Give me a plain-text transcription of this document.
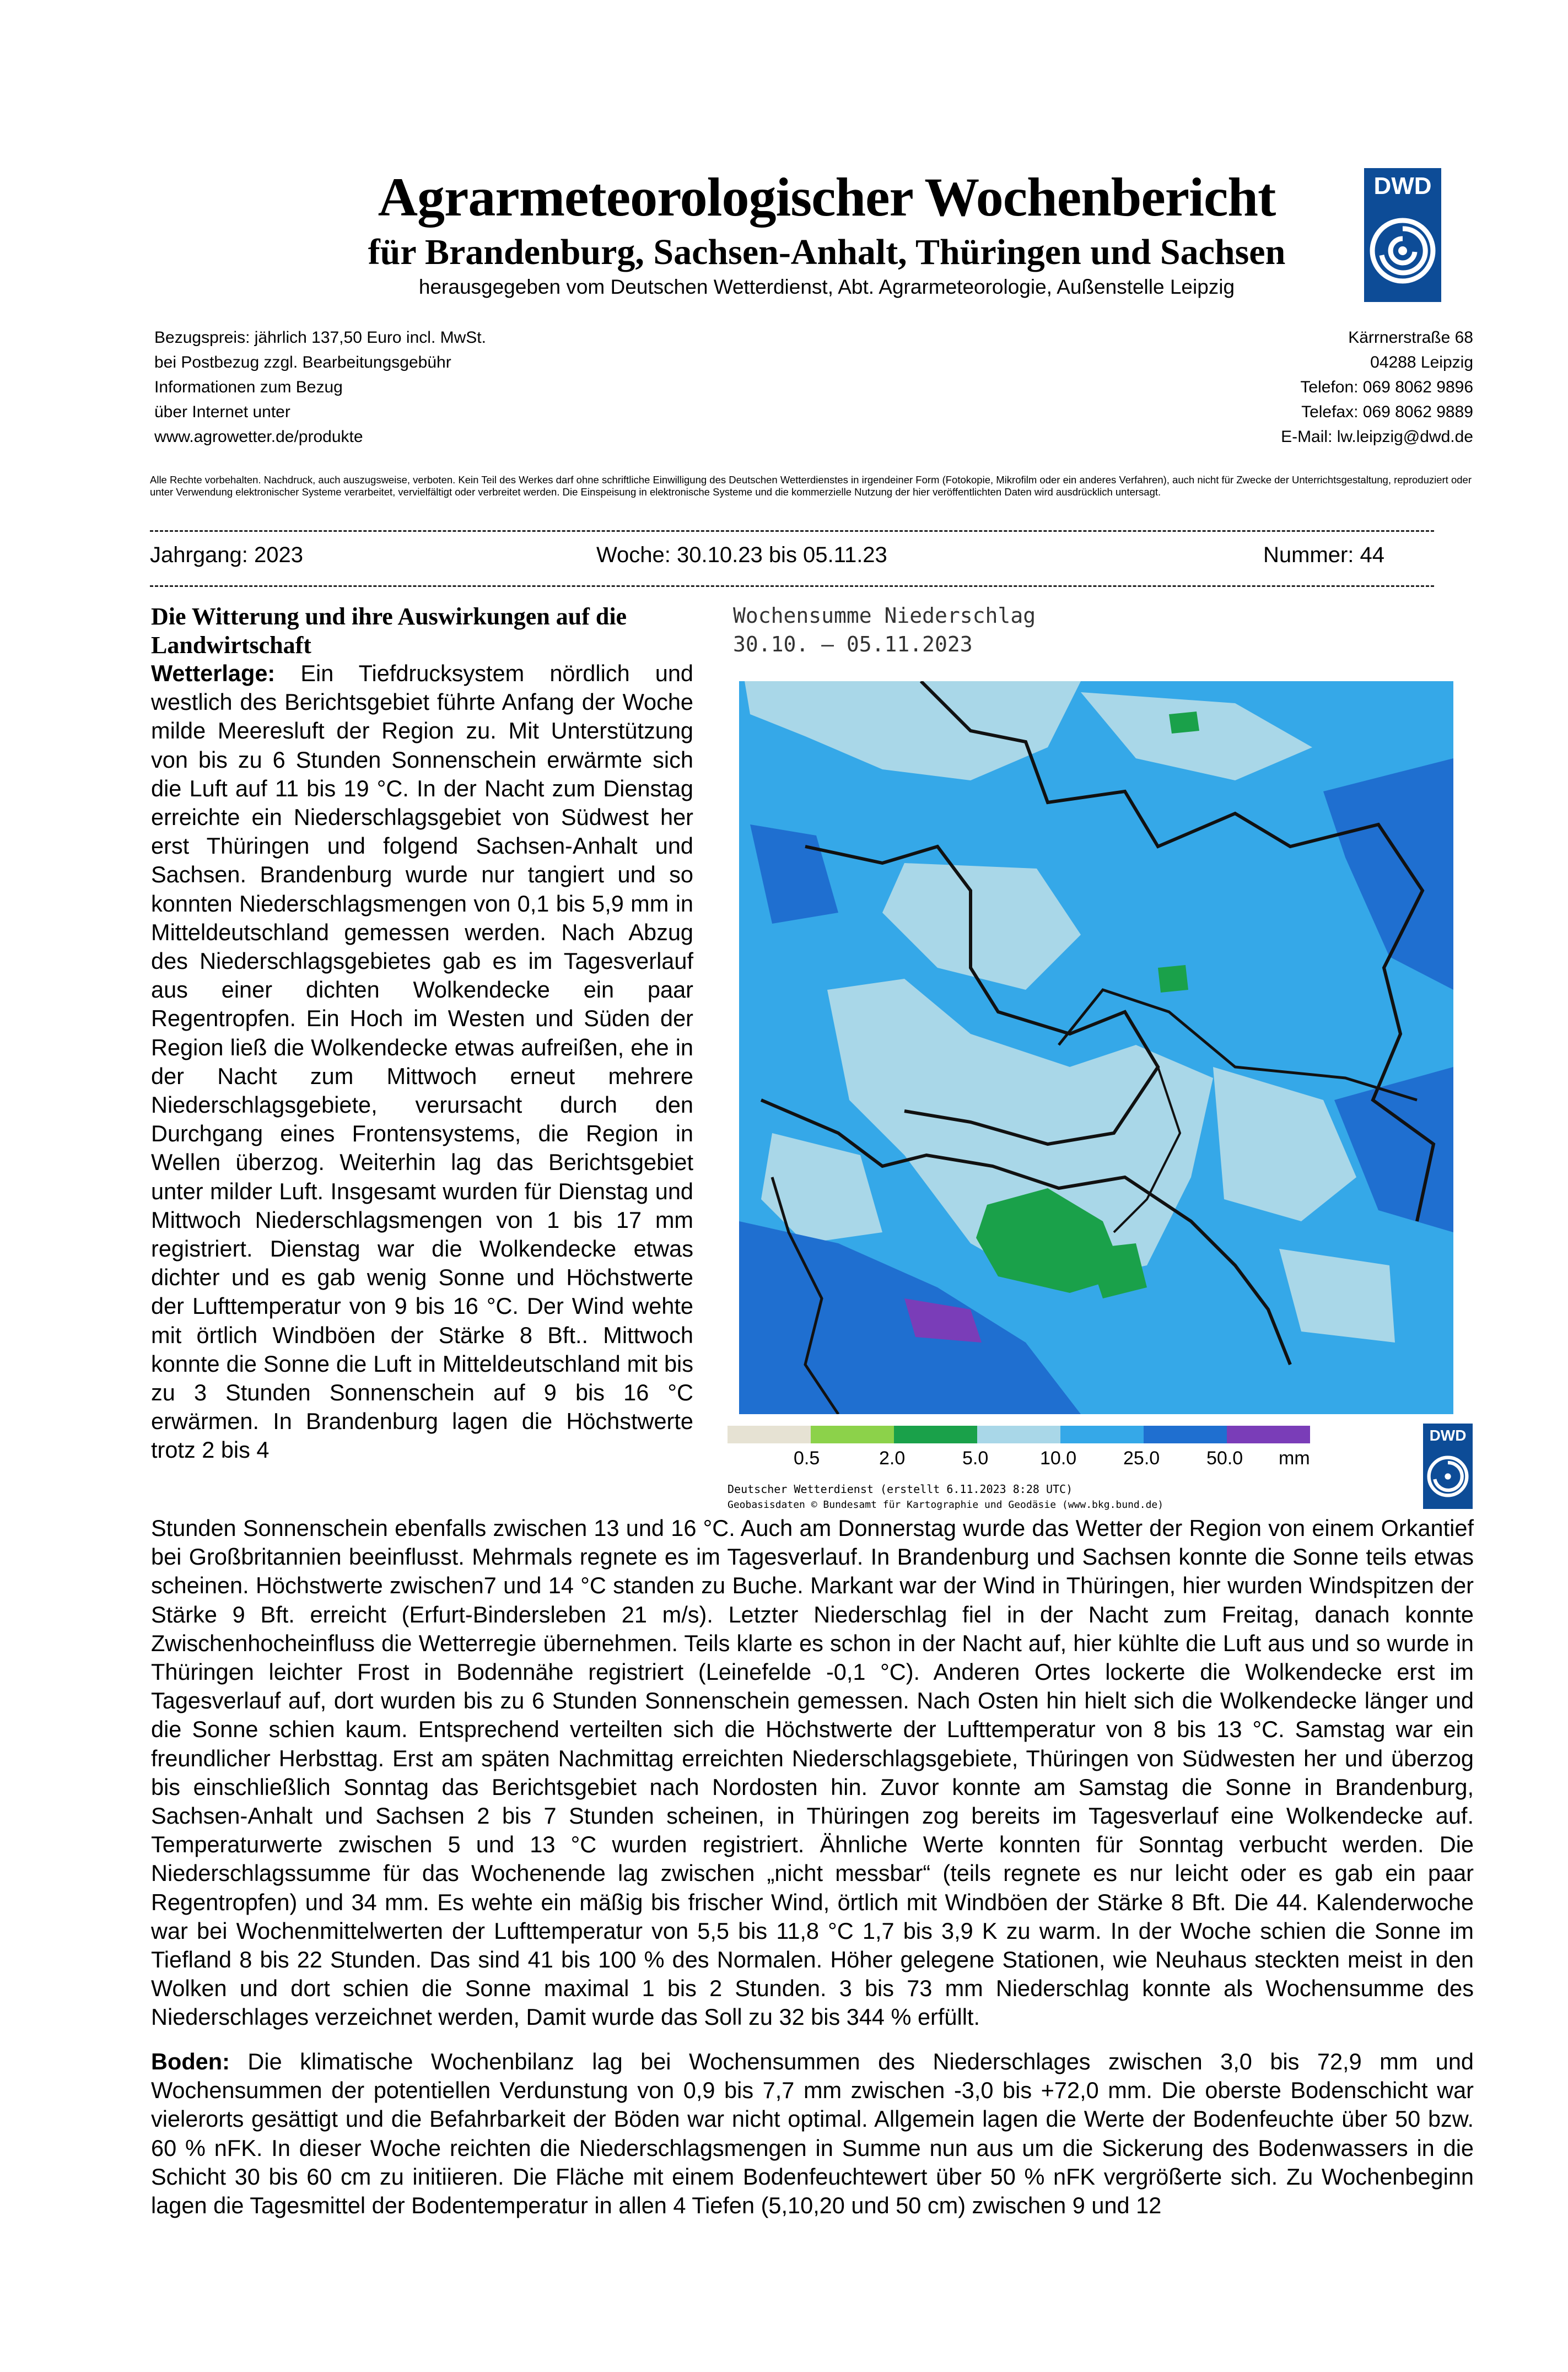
Agrarmeteorologischer Wochenbericht
für Brandenburg, Sachsen-Anhalt, Thüringen und Sachsen
herausgegeben vom Deutschen Wetterdienst, Abt. Agrarmeteorologie, Außenstelle Leipzig
DWD
Bezugspreis: jährlich 137,50 Euro incl. MwSt.
bei Postbezug zzgl. Bearbeitungsgebühr
Informationen zum Bezug
über Internet unter
www.agrowetter.de/produkte
Kärrnerstraße 68
04288 Leipzig
Telefon: 069 8062 9896
Telefax: 069 8062 9889
E-Mail: lw.leipzig@dwd.de
Alle Rechte vorbehalten. Nachdruck, auch auszugsweise, verboten. Kein Teil des Werkes darf ohne schriftliche Einwilligung des Deutschen Wetterdienstes in irgendeiner Form (Fotokopie, Mikrofilm oder ein anderes Verfahren), auch nicht für Zwecke der Unterrichtsgestaltung, reproduziert oder unter Verwendung elektronischer Systeme verarbeitet, vervielfältigt oder verbreitet werden. Die Einspeisung in elektronische Systeme und die kommerzielle Nutzung der hier veröffentlichten Daten wird ausdrücklich untersagt.
Jahrgang: 2023	Woche: 30.10.23 bis 05.11.23	Nummer: 44
Die Witterung und ihre Auswirkungen auf die Landwirtschaft
Wetterlage: Ein Tiefdrucksystem nördlich und westlich des Berichtsgebiet führte Anfang der Woche milde Meeresluft der Region zu. Mit Unterstützung von bis zu 6 Stunden Sonnenschein erwärmte sich die Luft auf 11 bis 19 °C. In der Nacht zum Dienstag erreichte ein Niederschlagsgebiet von Südwest her erst Thüringen und folgend Sachsen-Anhalt und Sachsen. Brandenburg wurde nur tangiert und so konnten Niederschlagsmengen von 0,1 bis 5,9 mm in Mitteldeutschland gemessen werden. Nach Abzug des Niederschlagsgebietes gab es im Tagesverlauf aus einer dichten Wolkendecke ein paar Regentropfen. Ein Hoch im Westen und Süden der Region ließ die Wolkendecke etwas aufreißen, ehe in der Nacht zum Mittwoch erneut mehrere Niederschlagsgebiete, verursacht durch den Durchgang eines Frontensystems, die Region in Wellen überzog. Weiterhin lag das Berichtsgebiet unter milder Luft. Insgesamt wurden für Dienstag und Mittwoch Niederschlagsmengen von 1 bis 17 mm registriert. Dienstag war die Wolkendecke etwas dichter und es gab wenig Sonne und Höchstwerte der Lufttemperatur von 9 bis 16 °C. Der Wind wehte mit örtlich Windböen der Stärke 8 Bft.. Mittwoch konnte die Sonne die Luft in Mitteldeutschland mit bis zu 3 Stunden Sonnenschein auf 9 bis 16 °C erwärmen. In Brandenburg lagen die Höchstwerte trotz 2 bis 4
Stunden Sonnenschein ebenfalls zwischen 13 und 16 °C. Auch am Donnerstag wurde das Wetter der Region von einem Orkantief bei Großbritannien beeinflusst. Mehrmals regnete es im Tagesverlauf. In Brandenburg und Sachsen konnte die Sonne teils etwas scheinen. Höchstwerte zwischen7 und 14 °C standen zu Buche. Markant war der Wind in Thüringen, hier wurden Windspitzen der Stärke 9 Bft. erreicht (Erfurt-Bindersleben 21 m/s). Letzter Niederschlag fiel in der Nacht zum Freitag, danach konnte Zwischenhocheinfluss die Wetterregie übernehmen. Teils klarte es schon in der Nacht auf, hier kühlte die Luft aus und so wurde in Thüringen leichter Frost in Bodennähe registriert (Leinefelde -0,1 °C). Anderen Ortes lockerte die Wolkendecke erst im Tagesverlauf auf, dort wurden bis zu 6 Stunden Sonnenschein gemessen. Nach Osten hin hielt sich die Wolkendecke länger und die Sonne schien kaum. Entsprechend verteilten sich die Höchstwerte der Lufttemperatur von 8 bis 13 °C. Samstag war ein freundlicher Herbsttag. Erst am späten Nachmittag erreichten Niederschlagsgebiete, Thüringen von Südwesten her und überzog bis einschließlich Sonntag das Berichtsgebiet nach Nordosten hin. Zuvor konnte am Samstag die Sonne in Brandenburg, Sachsen-Anhalt und Sachsen 2 bis 7 Stunden scheinen, in Thüringen zog bereits im Tagesverlauf eine Wolkendecke auf. Temperaturwerte zwischen 5 und 13 °C wurden registriert. Ähnliche Werte konnten für Sonntag verbucht werden. Die Niederschlagssumme für das Wochenende lag zwischen „nicht messbar“ (teils regnete es nur leicht oder es gab ein paar Regentropfen) und 34 mm. Es wehte ein mäßig bis frischer Wind, örtlich mit Windböen der Stärke 8 Bft. Die 44. Kalenderwoche war bei Wochenmittelwerten der Lufttemperatur von 5,5 bis 11,8 °C 1,7 bis 3,9 K zu warm. In der Woche schien die Sonne im Tiefland 8 bis 22 Stunden. Das sind 41 bis 100 % des Normalen. Höher gelegene Stationen, wie Neuhaus steckten meist in den Wolken und dort schien die Sonne maximal 1 bis 2 Stunden. 3 bis 73 mm Niederschlag konnte als Wochensumme des Niederschlages verzeichnet werden, Damit wurde das Soll zu 32 bis 344 % erfüllt.
Boden: Die klimatische Wochenbilanz lag bei Wochensummen des Niederschlages zwischen 3,0 bis 72,9 mm und Wochensummen der potentiellen Verdunstung von 0,9 bis 7,7 mm zwischen -3,0 bis +72,0 mm. Die oberste Bodenschicht war vielerorts gesättigt und die Befahrbarkeit der Böden war nicht optimal. Allgemein lagen die Werte der Bodenfeuchte über 50 bzw. 60 % nFK. In dieser Woche reichten die Niederschlagsmengen in Summe nun aus um die Sickerung des Bodenwassers in die Schicht 30 bis 60 cm zu initiieren. Die Fläche mit einem Bodenfeuchtewert über 50 % nFK vergrößerte sich. Zu Wochenbeginn lagen die Tagesmittel der Bodentemperatur in allen 4 Tiefen (5,10,20 und 50 cm) zwischen 9 und 12
Wochensumme Niederschlag
30.10. – 05.11.2023
0.5	2.0	5.0	10.0 25.0 50.0 mm
Deutscher Wetterdienst (erstellt 6.11.2023 8:28 UTC)
Geobasisdaten © Bundesamt für Kartographie und Geodäsie (www.bkg.bund.de)
DWD
